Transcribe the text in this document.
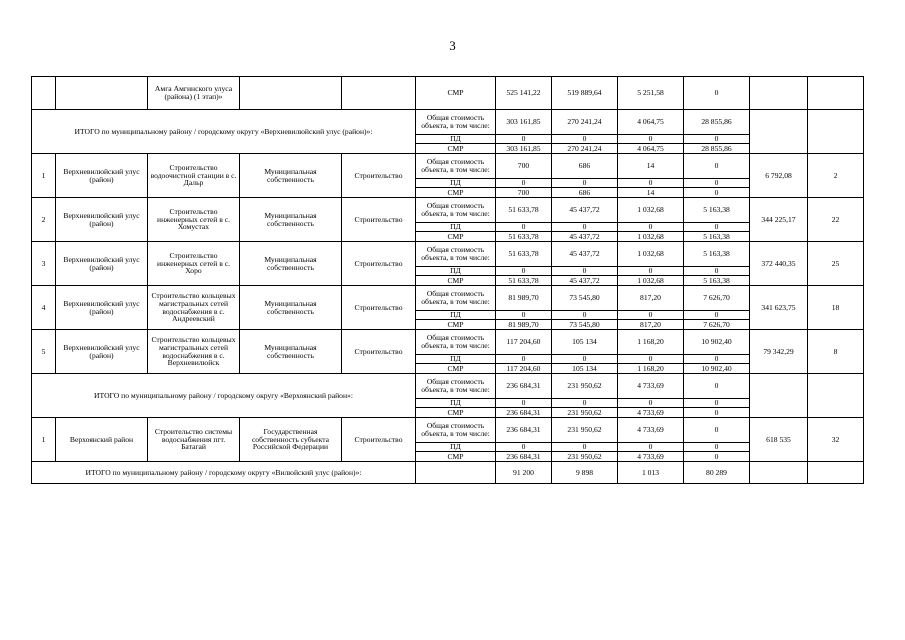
3
		Амга Амгинского улуса (района) (1 этап)»			СМР	525 141,22	519 889,64	5 251,58	0		
ИТОГО по муниципальному району / городскому округу «Верхневилюйский улус (район)»:					Общая стоимость объекта, в том числе:	303 161,85	270 241,24	4 064,75	28 855,86		
					ПД	0	0	0	0		
					СМР	303 161,85	270 241,24	4 064,75	28 855,86		
1	Верхневилюйский улус (район)	Строительство водоочистной станции в с. Дальр	Муниципальная собственность	Строительство	Общая стоимость объекта, в том числе:	700	686	14	0	6 792,08	2
					ПД	0	0	0	0		
					СМР	700	686	14	0		
2	Верхневилюйский улус (район)	Строительство инженерных сетей в с. Хомустах	Муниципальная собственность	Строительство	Общая стоимость объекта, в том числе:	51 633,78	45 437,72	1 032,68	5 163,38	344 225,17	22
					ПД	0	0	0	0		
					СМР	51 633,78	45 437,72	1 032,68	5 163,38		
3	Верхневилюйский улус (район)	Строительство инженерных сетей в с. Хоро	Муниципальная собственность	Строительство	Общая стоимость объекта, в том числе:	51 633,78	45 437,72	1 032,68	5 163,38	372 440,35	25
					ПД	0	0	0	0		
					СМР	51 633,78	45 437,72	1 032,68	5 163,38		
4	Верхневилюйский улус (район)	Строительство кольцевых магистральных сетей водоснабжения в с. Андреевский	Муниципальная собственность	Строительство	Общая стоимость объекта, в том числе:	81 989,70	73 545,80	817,20	7 626,70	341 623,75	18
					ПД	0	0	0	0		
					СМР	81 989,70	73 545,80	817,20	7 626,70		
5	Верхневилюйский улус (район)	Строительство кольцевых магистральных сетей водоснабжения в с. Верхневилюйск	Муниципальная собственность	Строительство	Общая стоимость объекта, в том числе:	117 204,60	105 134	1 168,20	10 902,40	79 342,29	8
					ПД	0	0	0	0		
					СМР	117 204,60	105 134	1 168,20	10 902,40		
ИТОГО по муниципальному району / городскому округу «Верхоянский район»:					Общая стоимость объекта, в том числе:	236 684,31	231 950,62	4 733,69	0		
					ПД	0	0	0	0		
					СМР	236 684,31	231 950,62	4 733,69	0		
1	Верхоянский район	Строительство системы водоснабжения пгт. Батагай	Государственная собственность субъекта Российской Федерации	Строительство	Общая стоимость объекта, в том числе:	236 684,31	231 950,62	4 733,69	0	618 535	32
					ПД	0	0	0	0		
					СМР	236 684,31	231 950,62	4 733,69	0		
ИТОГО по муниципальному району / городскому округу «Вилюйский улус (район)»:						91 200	9 898	1 013	80 289		
